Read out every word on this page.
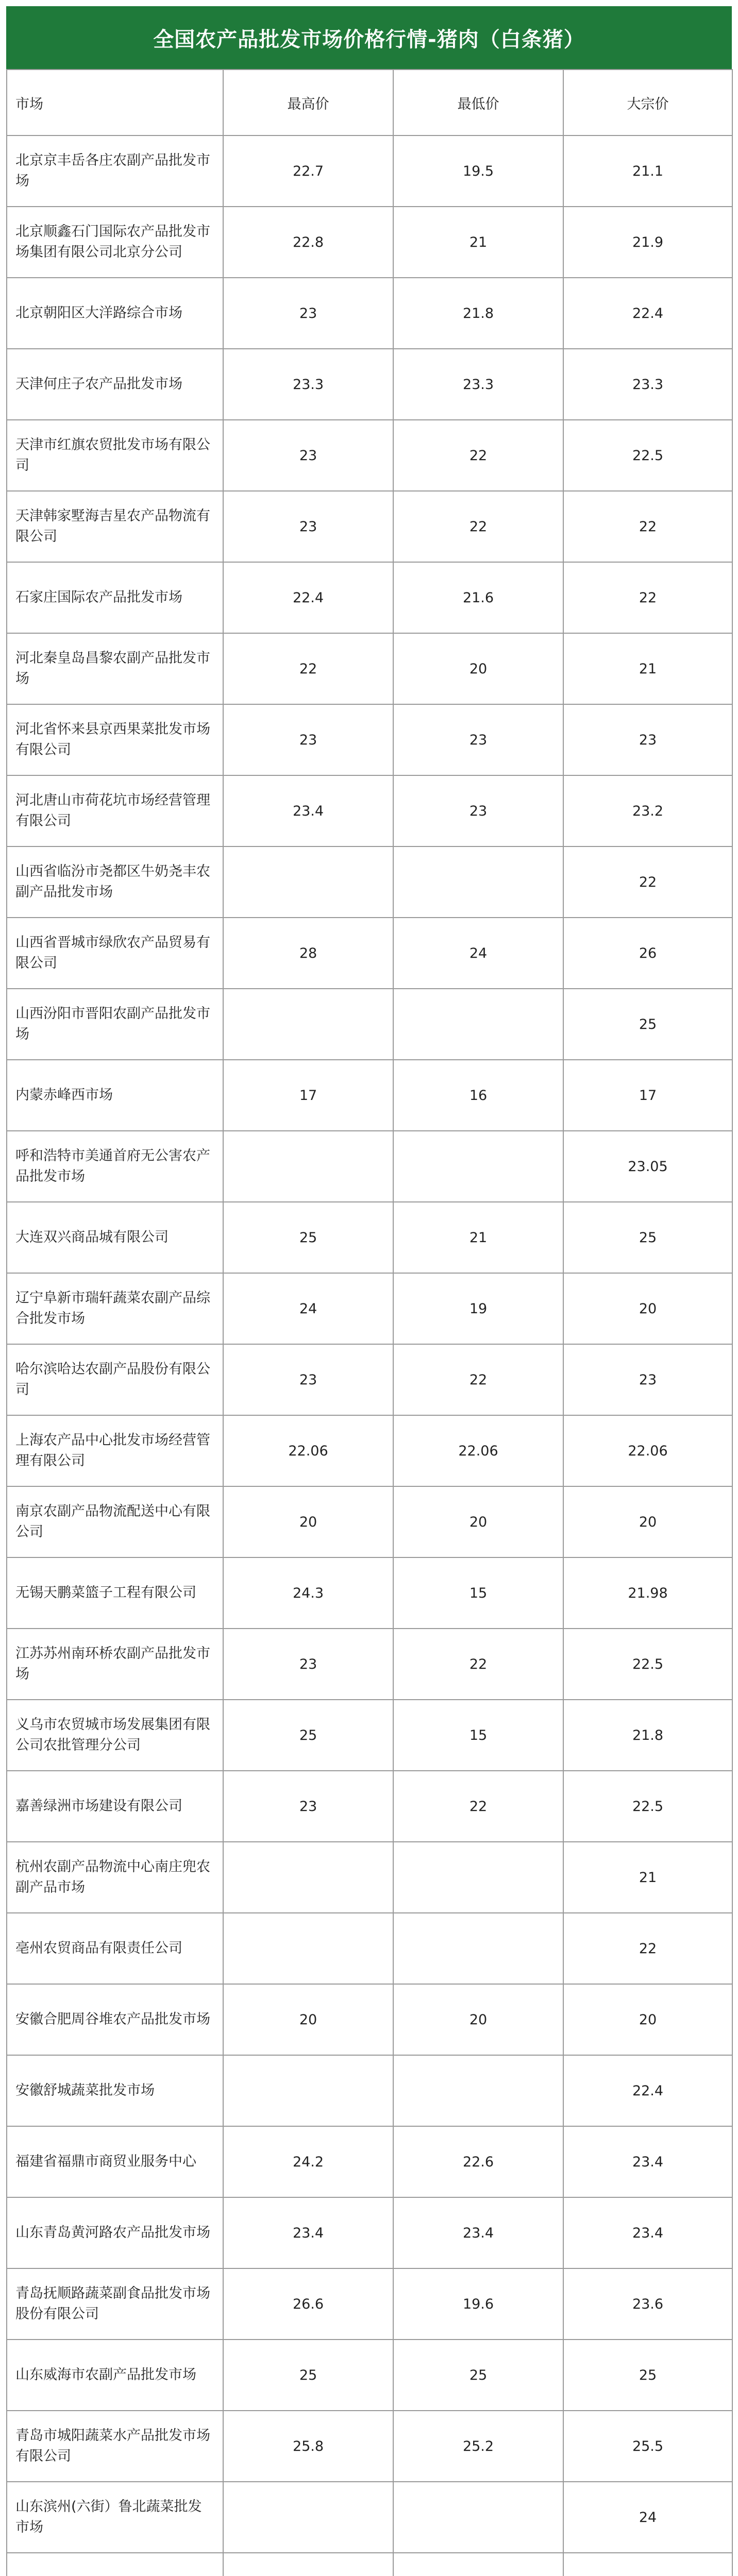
全国农产品批发市场价格行情-猪肉（白条猪）
市场	最高价	最低价	大宗价
北京京丰岳各庄农副产品批发市场	22.7	19.5	21.1
北京顺鑫石门国际农产品批发市场集团有限公司北京分公司	22.8	21	21.9
北京朝阳区大洋路综合市场	23	21.8	22.4
天津何庄子农产品批发市场	23.3	23.3	23.3
天津市红旗农贸批发市场有限公司	23	22	22.5
天津韩家墅海吉星农产品物流有限公司	23	22	22
石家庄国际农产品批发市场	22.4	21.6	22
河北秦皇岛昌黎农副产品批发市场	22	20	21
河北省怀来县京西果菜批发市场有限公司	23	23	23
河北唐山市荷花坑市场经营管理有限公司	23.4	23	23.2
山西省临汾市尧都区牛奶尧丰农副产品批发市场			22
山西省晋城市绿欣农产品贸易有限公司	28	24	26
山西汾阳市晋阳农副产品批发市场			25
内蒙赤峰西市场	17	16	17
呼和浩特市美通首府无公害农产品批发市场			23.05
大连双兴商品城有限公司	25	21	25
辽宁阜新市瑞轩蔬菜农副产品综合批发市场	24	19	20
哈尔滨哈达农副产品股份有限公司	23	22	23
上海农产品中心批发市场经营管理有限公司	22.06	22.06	22.06
南京农副产品物流配送中心有限公司	20	20	20
无锡天鹏菜篮子工程有限公司	24.3	15	21.98
江苏苏州南环桥农副产品批发市场	23	22	22.5
义乌市农贸城市场发展集团有限公司农批管理分公司	25	15	21.8
嘉善绿洲市场建设有限公司	23	22	22.5
杭州农副产品物流中心南庄兜农副产品市场			21
亳州农贸商品有限责任公司			22
安徽合肥周谷堆农产品批发市场	20	20	20
安徽舒城蔬菜批发市场			22.4
福建省福鼎市商贸业服务中心	24.2	22.6	23.4
山东青岛黄河路农产品批发市场	23.4	23.4	23.4
青岛抚顺路蔬菜副食品批发市场股份有限公司	26.6	19.6	23.6
山东威海市农副产品批发市场	25	25	25
青岛市城阳蔬菜水产品批发市场有限公司	25.8	25.2	25.5
山东滨州(六街）鲁北蔬菜批发市场			24
